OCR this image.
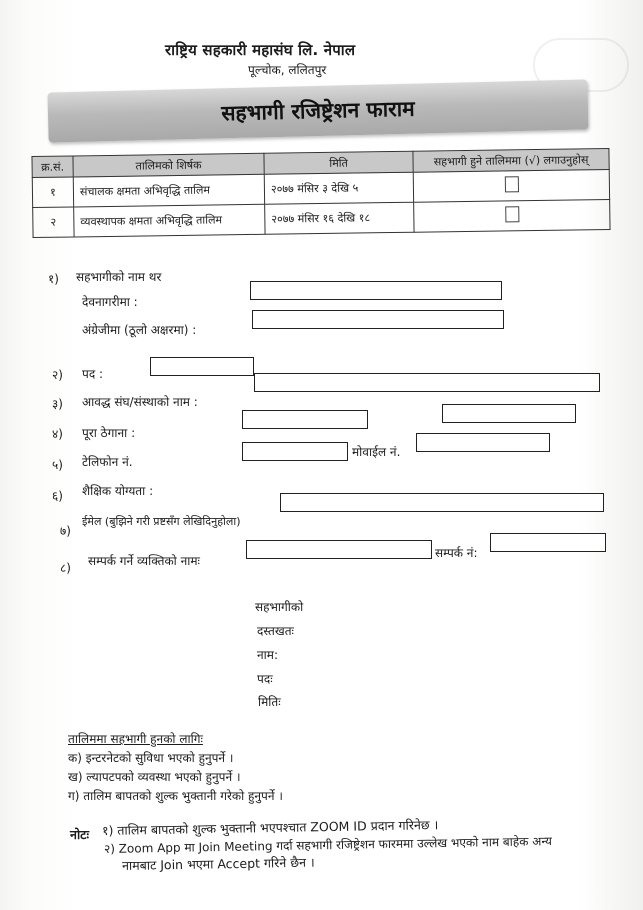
राष्ट्रिय सहकारी महासंघ लि. नेपाल
पूल्चोक, ललितपुर
सहभागी रजिष्ट्रेशन फाराम
क्र.सं.	तालिमको शिर्षक	मिति	सहभागी हुने तालिममा (√) लगाउनुहोस्
१	संचालक क्षमता अभिवृद्धि तालिम	२०७७ मंसिर ३ देखि ५	
२	व्यवस्थापक क्षमता अभिवृद्धि तालिम	२०७७ मंसिर १६ देखि १८	
१) सहभागीको नाम थर
देवनागरीमा :
अंग्रेजीमा (ठूलो अक्षरमा) :
२) पद :
३) आवद्ध संघ/संस्थाको नाम :
४) पूरा ठेगाना :
५) टेलिफोन नं.
मोवाईल नं.
६) शैक्षिक योग्यता :
७)
ईमेल (बुझिने गरी प्रष्टसँग लेखिदिनुहोला)
८) सम्पर्क गर्ने व्यक्तिको नामः
सम्पर्क नं:
सहभागीको
दस्तखतः
नाम:
पदः
मितिः
तालिममा सहभागी हुनको लागिः
क) इन्टरनेटको सुविधा भएको हुनुपर्ने ।
ख) ल्यापटपको व्यवस्था भएको हुनुपर्ने ।
ग) तालिम बापतको शुल्क भुक्तानी गरेको हुनुपर्ने ।
नोटः १) तालिम बापतको शुल्क भुक्तानी भएपश्चात ZOOM ID प्रदान गरिनेछ ।
२) Zoom App मा Join Meeting गर्दा सहभागी रजिष्ट्रेशन फारममा उल्लेख भएको नाम बाहेक अन्य
नामबाट Join भएमा Accept गरिने छैन ।
